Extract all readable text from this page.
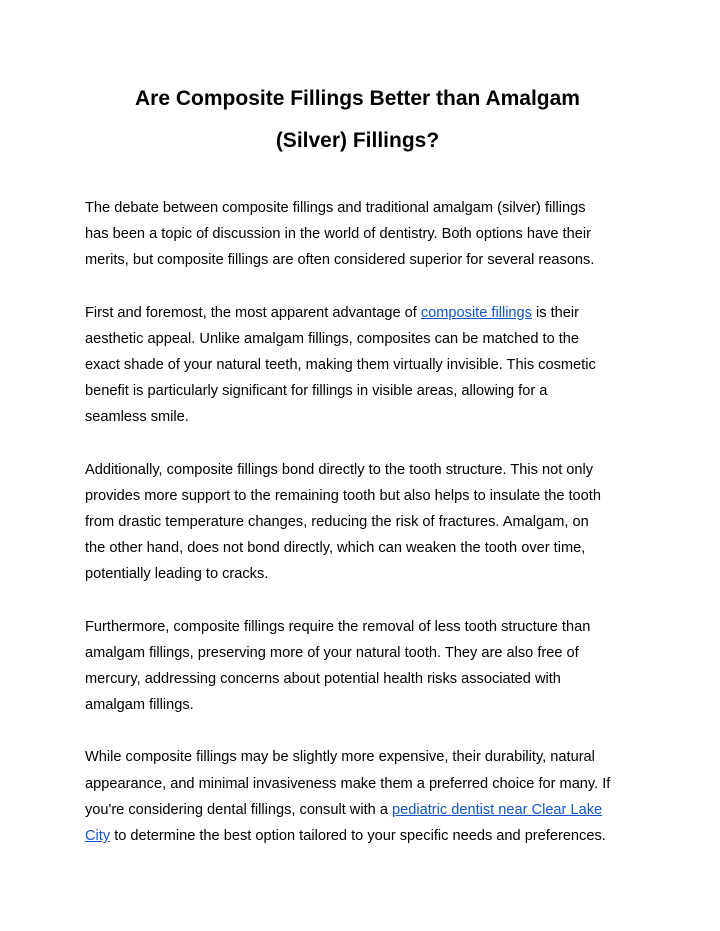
Are Composite Fillings Better than Amalgam
(Silver) Fillings?

The debate between composite fillings and traditional amalgam (silver) fillings
has been a topic of discussion in the world of dentistry. Both options have their
merits, but composite fillings are often considered superior for several reasons.

First and foremost, the most apparent advantage of composite fillings is their
aesthetic appeal. Unlike amalgam fillings, composites can be matched to the
exact shade of your natural teeth, making them virtually invisible. This cosmetic
benefit is particularly significant for fillings in visible areas, allowing for a
seamless smile.

Additionally, composite fillings bond directly to the tooth structure. This not only
provides more support to the remaining tooth but also helps to insulate the tooth
from drastic temperature changes, reducing the risk of fractures. Amalgam, on
the other hand, does not bond directly, which can weaken the tooth over time,
potentially leading to cracks.

Furthermore, composite fillings require the removal of less tooth structure than
amalgam fillings, preserving more of your natural tooth. They are also free of
mercury, addressing concerns about potential health risks associated with
amalgam fillings.

While composite fillings may be slightly more expensive, their durability, natural
appearance, and minimal invasiveness make them a preferred choice for many. If
you're considering dental fillings, consult with a pediatric dentist near Clear Lake
City to determine the best option tailored to your specific needs and preferences.
